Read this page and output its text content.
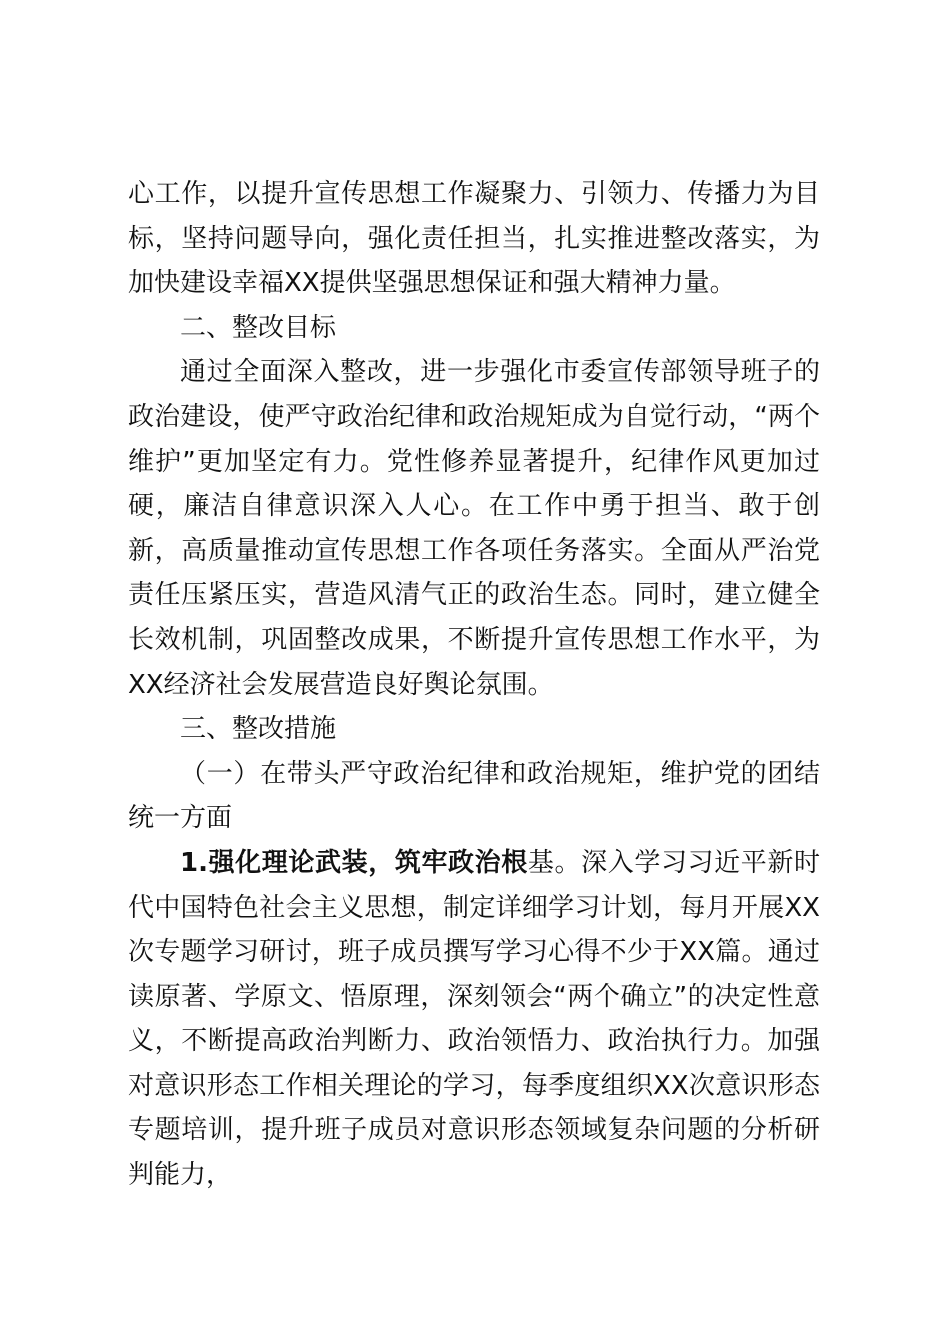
心工作，以提升宣传思想工作凝聚力、引领力、传播力为目标，坚持问题导向，强化责任担当，扎实推进整改落实，为加快建设幸福XX提供坚强思想保证和强大精神力量。

二、整改目标

通过全面深入整改，进一步强化市委宣传部领导班子的政治建设，使严守政治纪律和政治规矩成为自觉行动，“两个维护”更加坚定有力。党性修养显著提升，纪律作风更加过硬，廉洁自律意识深入人心。在工作中勇于担当、敢于创新，高质量推动宣传思想工作各项任务落实。全面从严治党责任压紧压实，营造风清气正的政治生态。同时，建立健全长效机制，巩固整改成果，不断提升宣传思想工作水平，为XX经济社会发展营造良好舆论氛围。

三、整改措施

（一）在带头严守政治纪律和政治规矩，维护党的团结统一方面

1.强化理论武装，筑牢政治根基。深入学习习近平新时代中国特色社会主义思想，制定详细学习计划，每月开展XX次专题学习研讨，班子成员撰写学习心得不少于XX篇。通过读原著、学原文、悟原理，深刻领会“两个确立”的决定性意义，不断提高政治判断力、政治领悟力、政治执行力。加强对意识形态工作相关理论的学习，每季度组织XX次意识形态专题培训，提升班子成员对意识形态领域复杂问题的分析研判能力，
